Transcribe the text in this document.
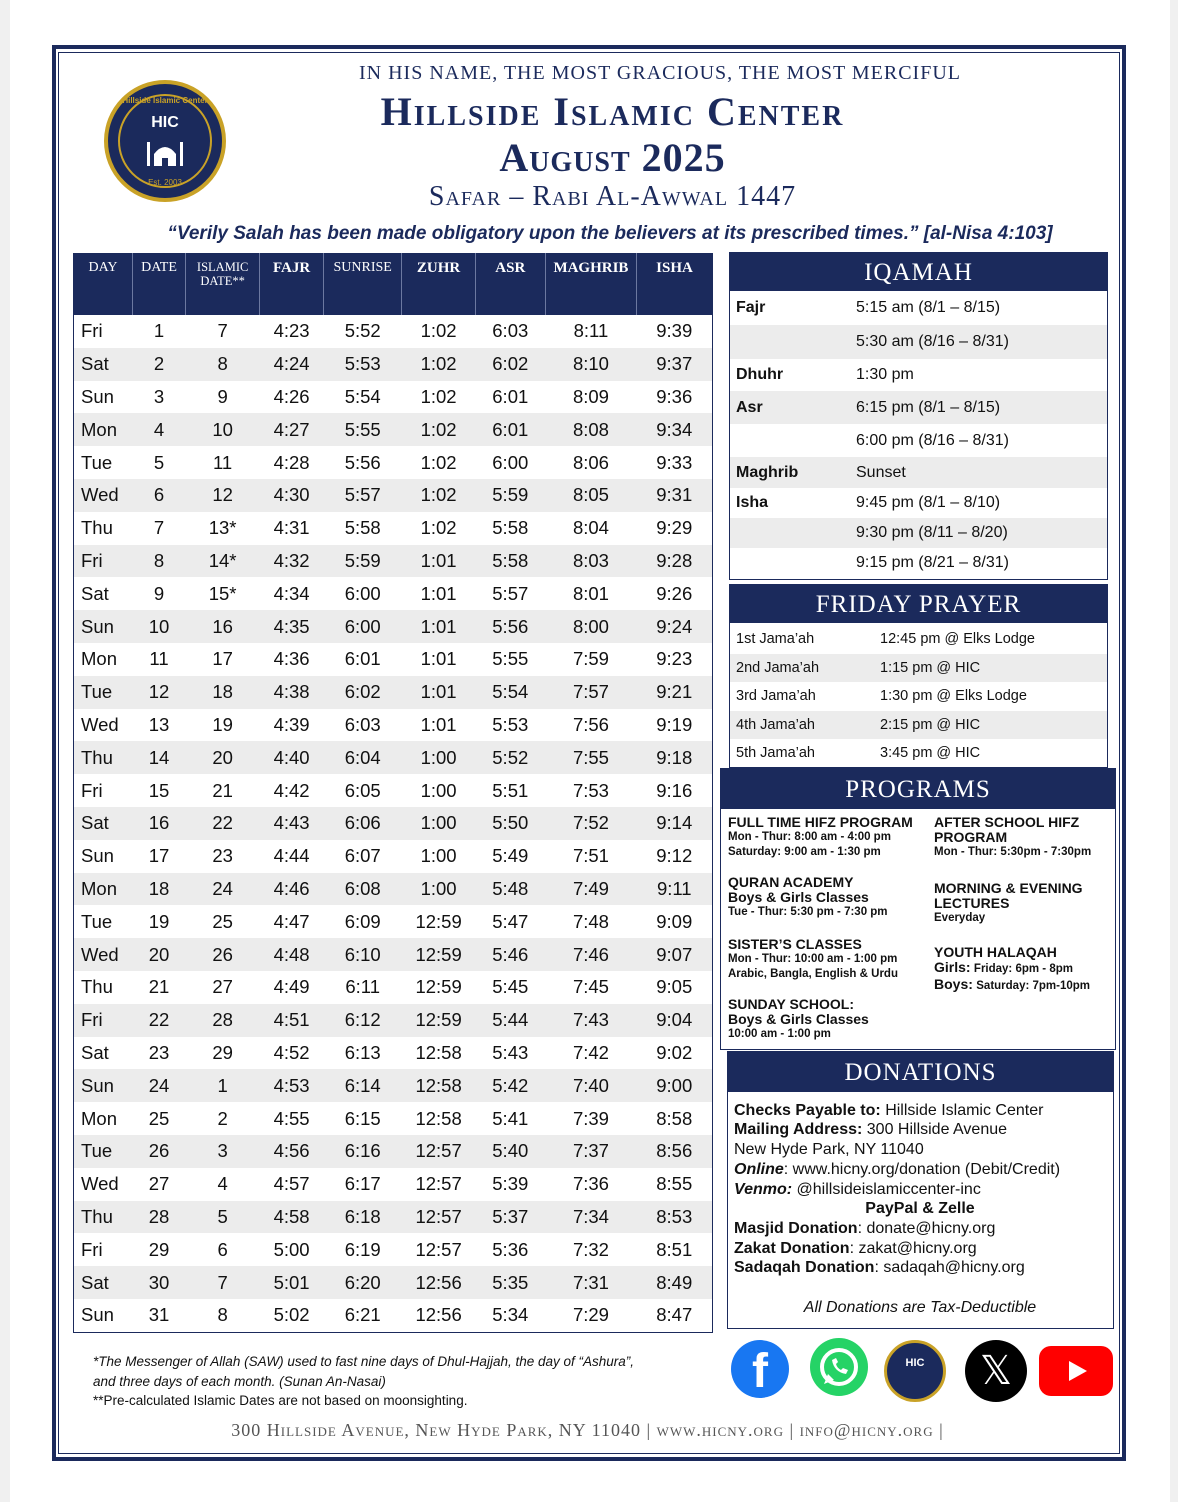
Hillside Islamic Center
HIC
Est. 2003
IN HIS NAME, THE MOST GRACIOUS, THE MOST MERCIFUL
Hillside Islamic Center
August 2025
Safar – Rabi Al-Awwal 1447
“Verily Salah has been made obligatory upon the believers at its prescribed times.” [al-Nisa 4:103]
DAY	DATE	ISLAMIC DATE**	FAJR	SUNRISE	ZUHR	ASR	MAGHRIB	ISHA
Fri	1	7	4:23	5:52	1:02	6:03	8:11	9:39
Sat	2	8	4:24	5:53	1:02	6:02	8:10	9:37
Sun	3	9	4:26	5:54	1:02	6:01	8:09	9:36
Mon	4	10	4:27	5:55	1:02	6:01	8:08	9:34
Tue	5	11	4:28	5:56	1:02	6:00	8:06	9:33
Wed	6	12	4:30	5:57	1:02	5:59	8:05	9:31
Thu	7	13*	4:31	5:58	1:02	5:58	8:04	9:29
Fri	8	14*	4:32	5:59	1:01	5:58	8:03	9:28
Sat	9	15*	4:34	6:00	1:01	5:57	8:01	9:26
Sun	10	16	4:35	6:00	1:01	5:56	8:00	9:24
Mon	11	17	4:36	6:01	1:01	5:55	7:59	9:23
Tue	12	18	4:38	6:02	1:01	5:54	7:57	9:21
Wed	13	19	4:39	6:03	1:01	5:53	7:56	9:19
Thu	14	20	4:40	6:04	1:00	5:52	7:55	9:18
Fri	15	21	4:42	6:05	1:00	5:51	7:53	9:16
Sat	16	22	4:43	6:06	1:00	5:50	7:52	9:14
Sun	17	23	4:44	6:07	1:00	5:49	7:51	9:12
Mon	18	24	4:46	6:08	1:00	5:48	7:49	9:11
Tue	19	25	4:47	6:09	12:59	5:47	7:48	9:09
Wed	20	26	4:48	6:10	12:59	5:46	7:46	9:07
Thu	21	27	4:49	6:11	12:59	5:45	7:45	9:05
Fri	22	28	4:51	6:12	12:59	5:44	7:43	9:04
Sat	23	29	4:52	6:13	12:58	5:43	7:42	9:02
Sun	24	1	4:53	6:14	12:58	5:42	7:40	9:00
Mon	25	2	4:55	6:15	12:58	5:41	7:39	8:58
Tue	26	3	4:56	6:16	12:57	5:40	7:37	8:56
Wed	27	4	4:57	6:17	12:57	5:39	7:36	8:55
Thu	28	5	4:58	6:18	12:57	5:37	7:34	8:53
Fri	29	6	5:00	6:19	12:57	5:36	7:32	8:51
Sat	30	7	5:01	6:20	12:56	5:35	7:31	8:49
Sun	31	8	5:02	6:21	12:56	5:34	7:29	8:47
IQAMAH
Fajr	5:15 am (8/1 – 8/15)
5:30 am (8/16 – 8/31)
Dhuhr	1:30 pm
Asr	6:15 pm (8/1 – 8/15)
6:00 pm (8/16 – 8/31)
Maghrib	Sunset
Isha	9:45 pm (8/1 – 8/10)
9:30 pm (8/11 – 8/20)
9:15 pm (8/21 – 8/31)
FRIDAY PRAYER
1st Jama’ah	12:45 pm @ Elks Lodge
2nd Jama’ah	1:15 pm @ HIC
3rd Jama’ah	1:30 pm @ Elks Lodge
4th Jama’ah	2:15 pm @ HIC
5th Jama’ah	3:45 pm @ HIC
PROGRAMS
FULL TIME HIFZ PROGRAM
Mon - Thur: 8:00 am - 4:00 pm
Saturday: 9:00 am - 1:30 pm
AFTER SCHOOL HIFZ
PROGRAM
Mon - Thur: 5:30pm - 7:30pm
QURAN ACADEMY
Boys & Girls Classes
Tue - Thur: 5:30 pm - 7:30 pm
MORNING & EVENING
LECTURES
Everyday
SISTER’S CLASSES
Mon - Thur: 10:00 am - 1:00 pm
Arabic, Bangla, English & Urdu
YOUTH HALAQAH
Girls: Friday: 6pm - 8pm
Boys: Saturday: 7pm-10pm
SUNDAY SCHOOL:
Boys & Girls Classes
10:00 am - 1:00 pm
DONATIONS
Checks Payable to: Hillside Islamic Center
Mailing Address: 300 Hillside Avenue
New Hyde Park, NY 11040
Online: www.hicny.org/donation (Debit/Credit)
Venmo: @hillsideislamiccenter-inc
PayPal & Zelle
Masjid Donation: donate@hicny.org
Zakat Donation: zakat@hicny.org
Sadaqah Donation: sadaqah@hicny.org
All Donations are Tax-Deductible
*The Messenger of Allah (SAW) used to fast nine days of Dhul-Hajjah, the day of “Ashura”,
and three days of each month. (Sunan An-Nasai)
**Pre-calculated Islamic Dates are not based on moonsighting.
f	HIC	𝕏
300 Hillside Avenue, New Hyde Park, NY 11040 | www.hicny.org | info@hicny.org |
